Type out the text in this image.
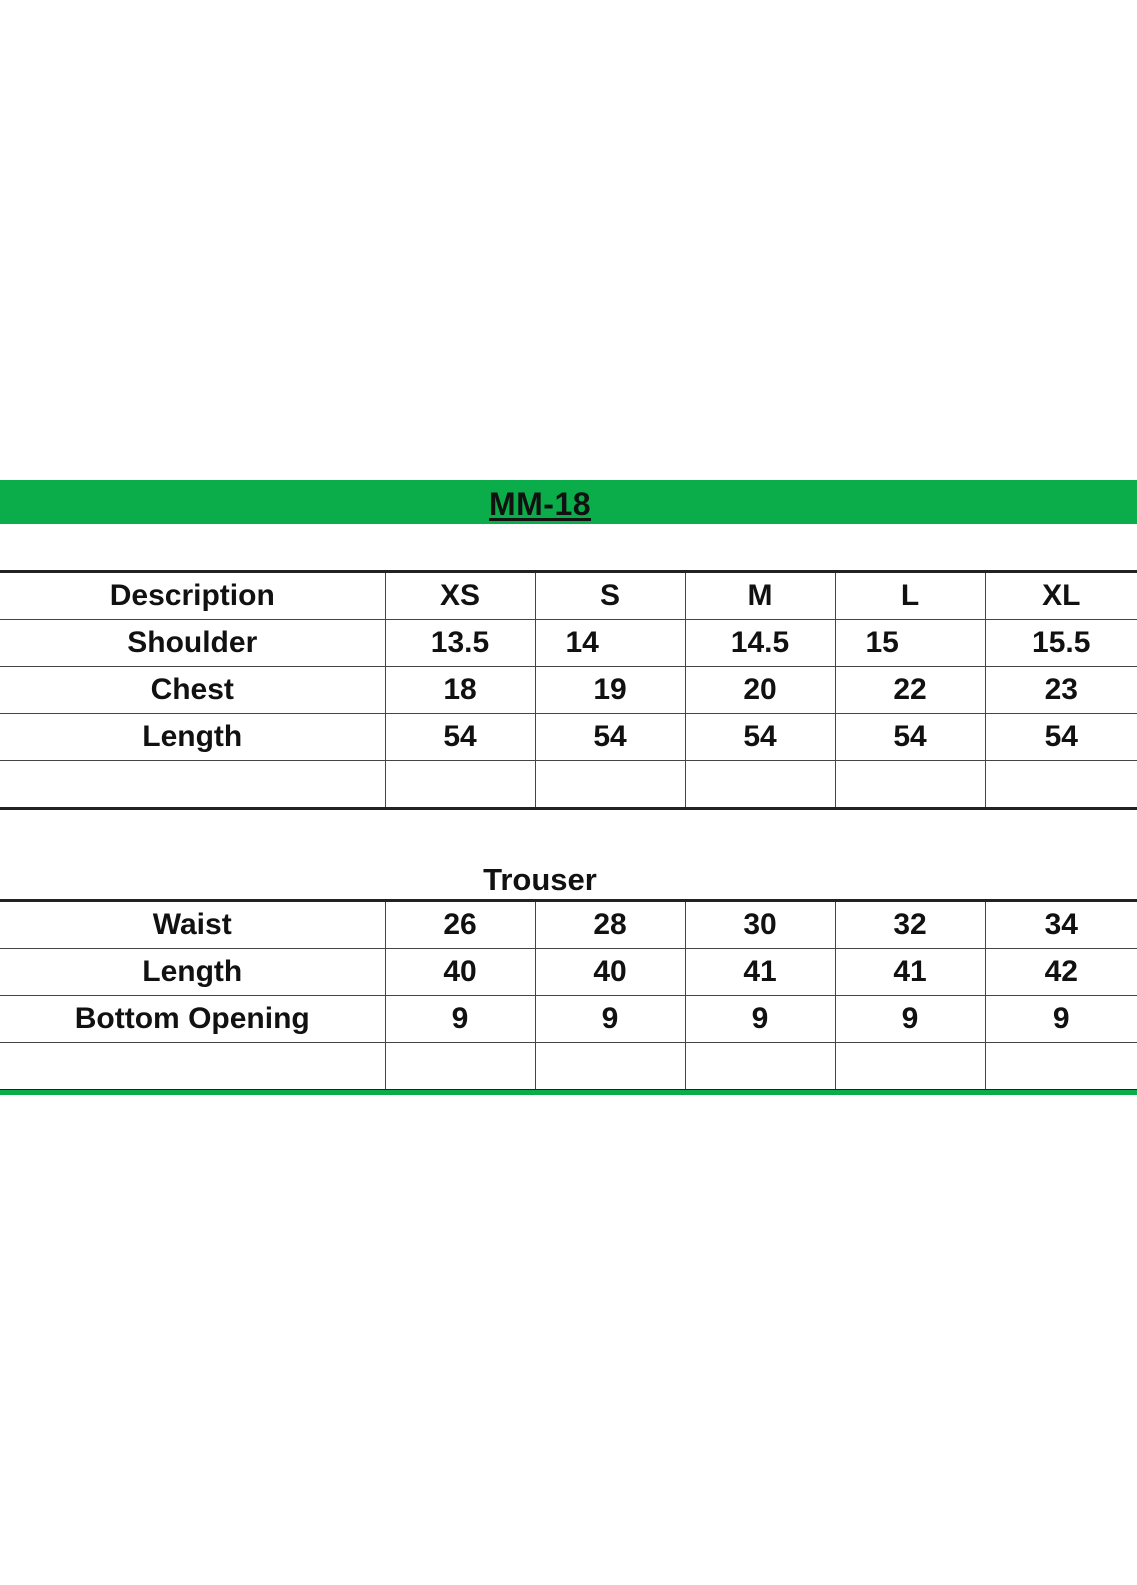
MM-18
Description	XS	S	M	L	XL
Shoulder	13.5	14	14.5	15	15.5
Chest	18	19	20	22	23
Length	54	54	54	54	54

Trouser
Waist	26	28	30	32	34
Length	40	40	41	41	42
Bottom Opening	9	9	9	9	9
